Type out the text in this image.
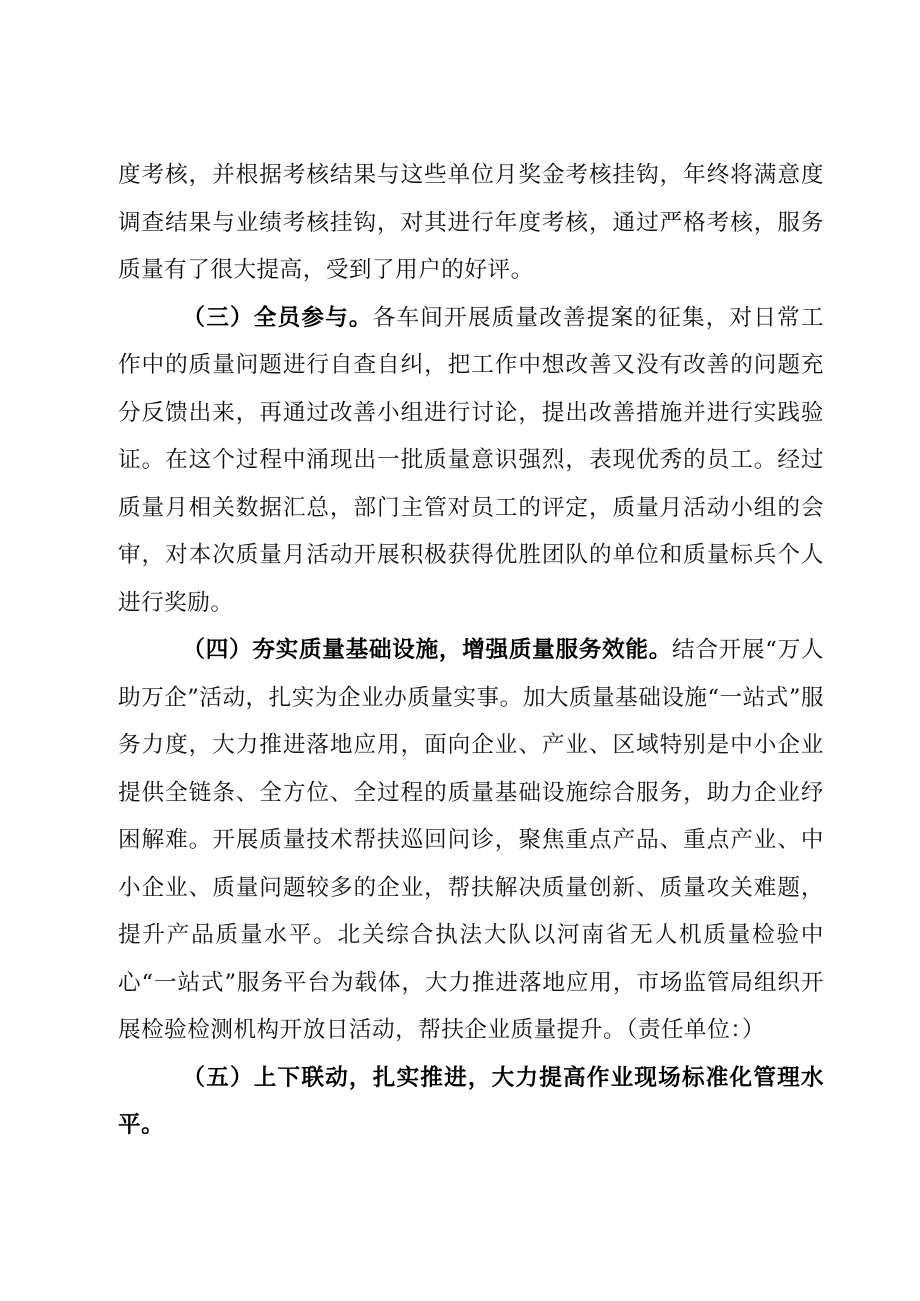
度考核，并根据考核结果与这些单位月奖金考核挂钩，年终将满意度调查结果与业绩考核挂钩，对其进行年度考核，通过严格考核，服务质量有了很大提高，受到了用户的好评。

（三）全员参与。各车间开展质量改善提案的征集，对日常工作中的质量问题进行自查自纠，把工作中想改善又没有改善的问题充分反馈出来，再通过改善小组进行讨论，提出改善措施并进行实践验证。在这个过程中涌现出一批质量意识强烈，表现优秀的员工。经过质量月相关数据汇总，部门主管对员工的评定，质量月活动小组的会审，对本次质量月活动开展积极获得优胜团队的单位和质量标兵个人进行奖励。

（四）夯实质量基础设施，增强质量服务效能。结合开展“万人助万企”活动，扎实为企业办质量实事。加大质量基础设施“一站式”服务力度，大力推进落地应用，面向企业、产业、区域特别是中小企业提供全链条、全方位、全过程的质量基础设施综合服务，助力企业纾困解难。开展质量技术帮扶巡回问诊，聚焦重点产品、重点产业、中小企业、质量问题较多的企业，帮扶解决质量创新、质量攻关难题，提升产品质量水平。北关综合执法大队以河南省无人机质量检验中心“一站式”服务平台为载体，大力推进落地应用，市场监管局组织开展检验检测机构开放日活动，帮扶企业质量提升。（责任单位：）

（五）上下联动，扎实推进，大力提高作业现场标准化管理水平。
